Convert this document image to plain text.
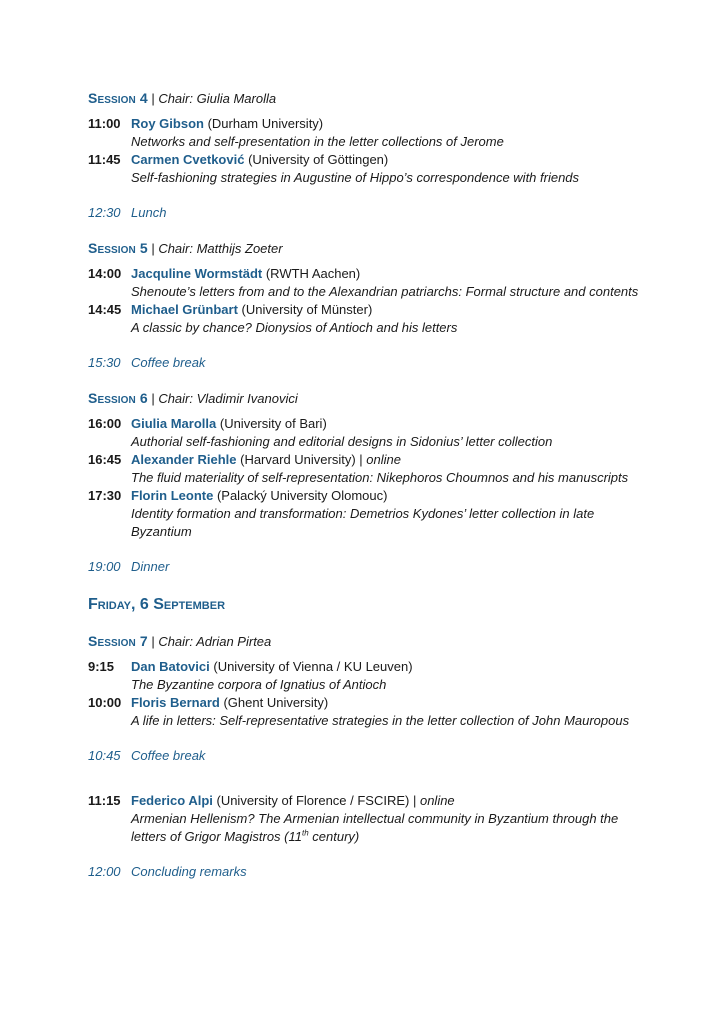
Session 4 | Chair: Giulia Marolla
11:00 Roy Gibson (Durham University)
Networks and self-presentation in the letter collections of Jerome
11:45 Carmen Cvetković (University of Göttingen)
Self-fashioning strategies in Augustine of Hippo’s correspondence with friends
12:30 Lunch
Session 5 | Chair: Matthijs Zoeter
14:00 Jacquline Wormstädt (RWTH Aachen)
Shenoute’s letters from and to the Alexandrian patriarchs: Formal structure and contents
14:45 Michael Grünbart (University of Münster)
A classic by chance? Dionysios of Antioch and his letters
15:30 Coffee break
Session 6 | Chair: Vladimir Ivanovici
16:00 Giulia Marolla (University of Bari)
Authorial self-fashioning and editorial designs in Sidonius’ letter collection
16:45 Alexander Riehle (Harvard University) | online
The fluid materiality of self-representation: Nikephoros Choumnos and his manuscripts
17:30 Florin Leonte (Palacký University Olomouc)
Identity formation and transformation: Demetrios Kydones’ letter collection in late Byzantium
19:00 Dinner
Friday, 6 September
Session 7 | Chair: Adrian Pirtea
9:15	Dan Batovici (University of Vienna / KU Leuven)
The Byzantine corpora of Ignatius of Antioch
10:00 Floris Bernard (Ghent University)
A life in letters: Self-representative strategies in the letter collection of John Mauropous
10:45 Coffee break
11:15 Federico Alpi (University of Florence / FSCIRE) | online
Armenian Hellenism? The Armenian intellectual community in Byzantium through the letters of Grigor Magistros (11th century)
12:00 Concluding remarks
